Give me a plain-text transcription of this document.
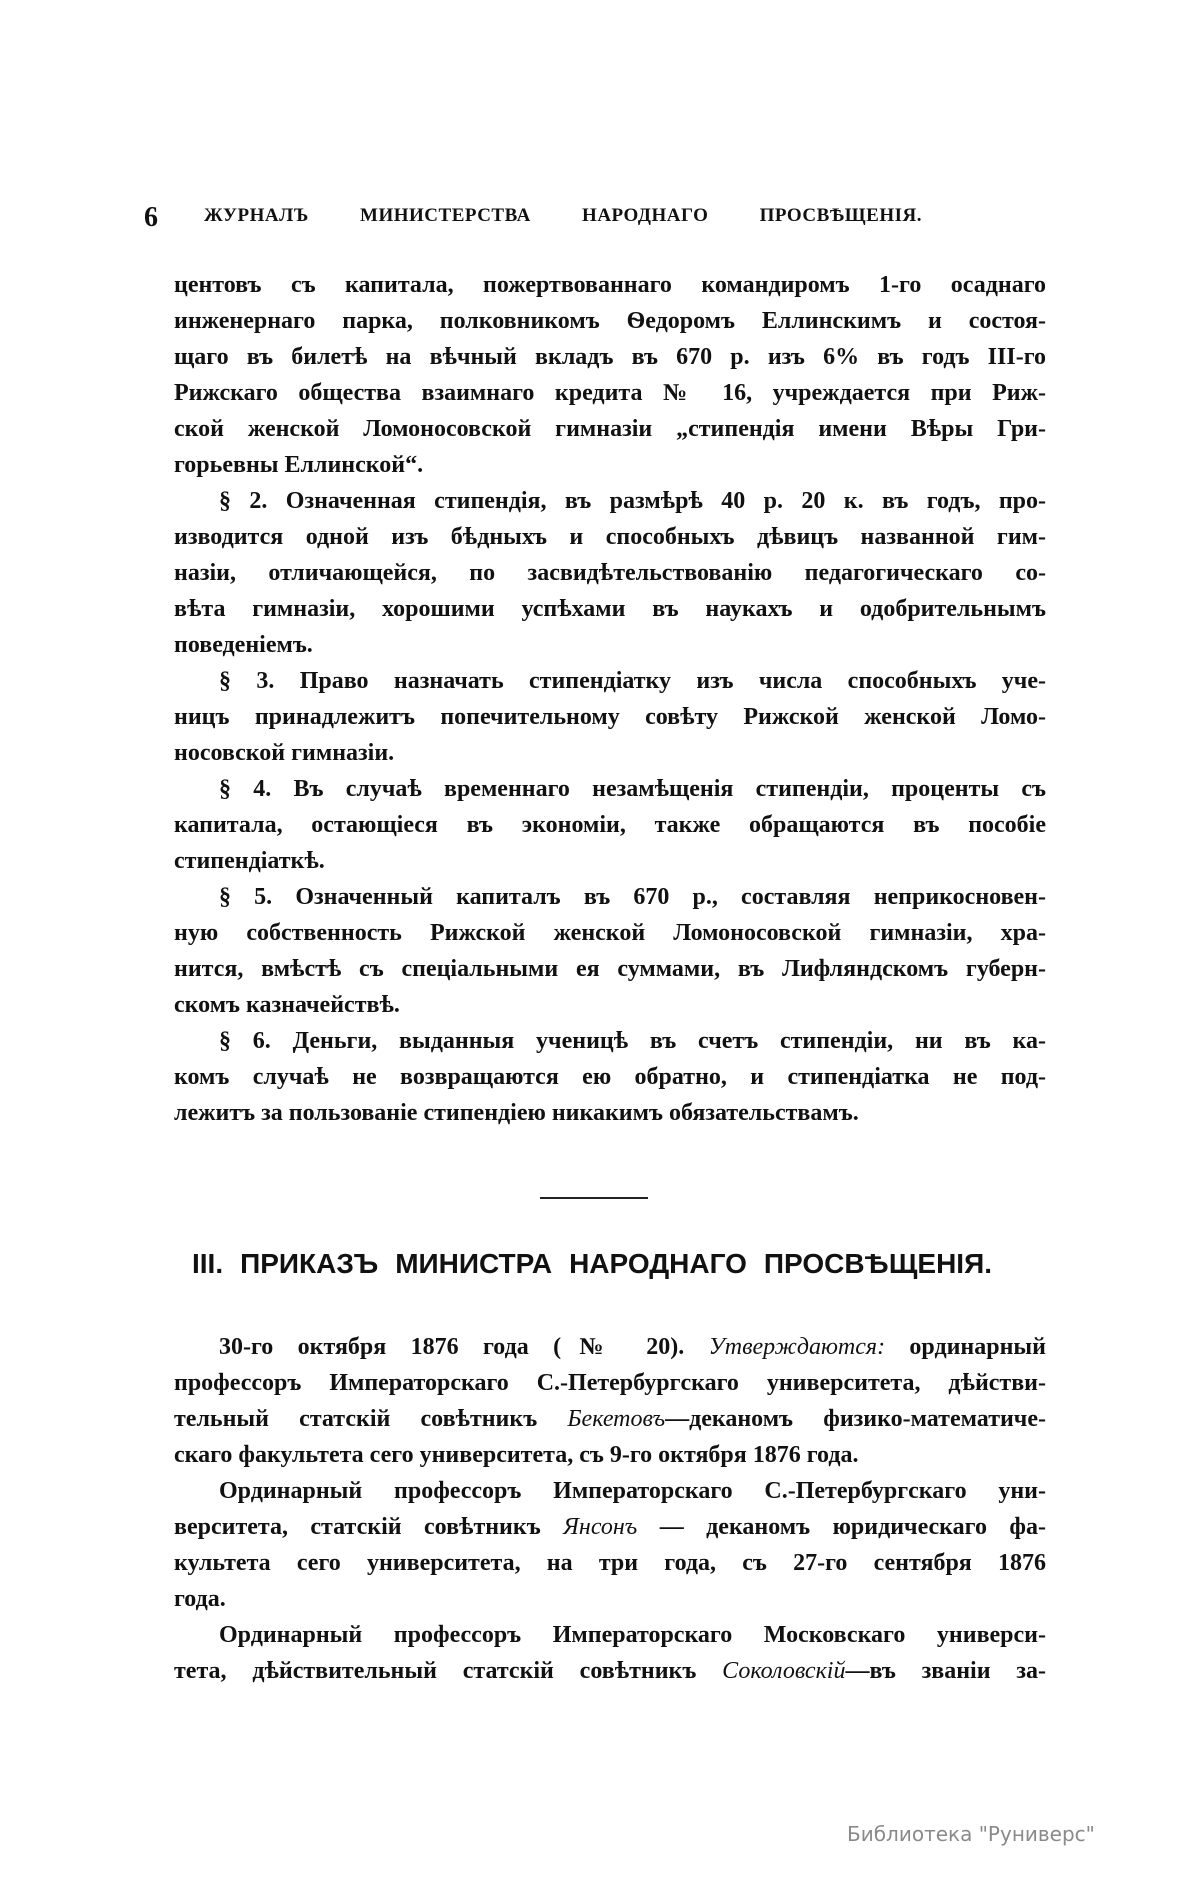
6 ЖУРНАЛЪ МИНИСТЕРСТВА НАРОДНАГО ПРОСВѢЩЕНIЯ.
центовъ съ капитала, пожертвованнаго командиромъ 1-го осаднаго
инженернаго парка, полковникомъ Ѳедоромъ Еллинскимъ и состоя-
щаго въ билетѣ на вѣчный вкладъ въ 670 р. изъ 6% въ годъ III-го
Рижскаго общества взаимнаго кредита № 16, учреждается при Риж-
ской женской Ломоносовской гимназiи „стипендiя имени Вѣры Гри-
горьевны Еллинской“.
§ 2. Означенная стипендiя, въ размѣрѣ 40 р. 20 к. въ годъ, про-
изводится одной изъ бѣдныхъ и способныхъ дѣвицъ названной гим-
назiи, отличающейся, по засвидѣтельствованiю педагогическаго со-
вѣта гимназiи, хорошими успѣхами въ наукахъ и одобрительнымъ
поведенiемъ.
§ 3. Право назначать стипендiатку изъ числа способныхъ уче-
ницъ принадлежитъ попечительному совѣту Рижской женской Ломо-
носовской гимназiи.
§ 4. Въ случаѣ временнаго незамѣщенiя стипендiи, проценты съ
капитала, остающiеся въ экономiи, также обращаются въ пособiе
стипендiаткѣ.
§ 5. Означенный капиталъ въ 670 р., составляя неприкосновен-
ную собственность Рижской женской Ломоносовской гимназiи, хра-
нится, вмѣстѣ съ спецiальными ея суммами, въ Лифляндскомъ губерн-
скомъ казначействѣ.
§ 6. Деньги, выданныя ученицѣ въ счетъ стипендiи, ни въ ка-
комъ случаѣ не возвращаются ею обратно, и стипендiатка не под-
лежитъ за пользованiе стипендiею никакимъ обязательствамъ.
III. ПРИКАЗЪ МИНИСТРА НАРОДНАГО ПРОСВѢЩЕНIЯ.
30-го октября 1876 года (№ 20). Утверждаются: ординарный
профессоръ Императорскаго С.-Петербургскаго университета, дѣйстви-
тельный статскiй совѣтникъ Бекетовъ—деканомъ физико-математиче-
скаго факультета сего университета, съ 9-го октября 1876 года.
Ординарный профессоръ Императорскаго С.-Петербургскаго уни-
верситета, статскiй совѣтникъ Янсонъ — деканомъ юридическаго фа-
культета сего университета, на три года, съ 27-го сентября 1876
года.
Ординарный профессоръ Императорскаго Московскаго универси-
тета, дѣйствительный статскiй совѣтникъ Соколовскiй—въ званiи за-
Библиотека "Руниверс"
